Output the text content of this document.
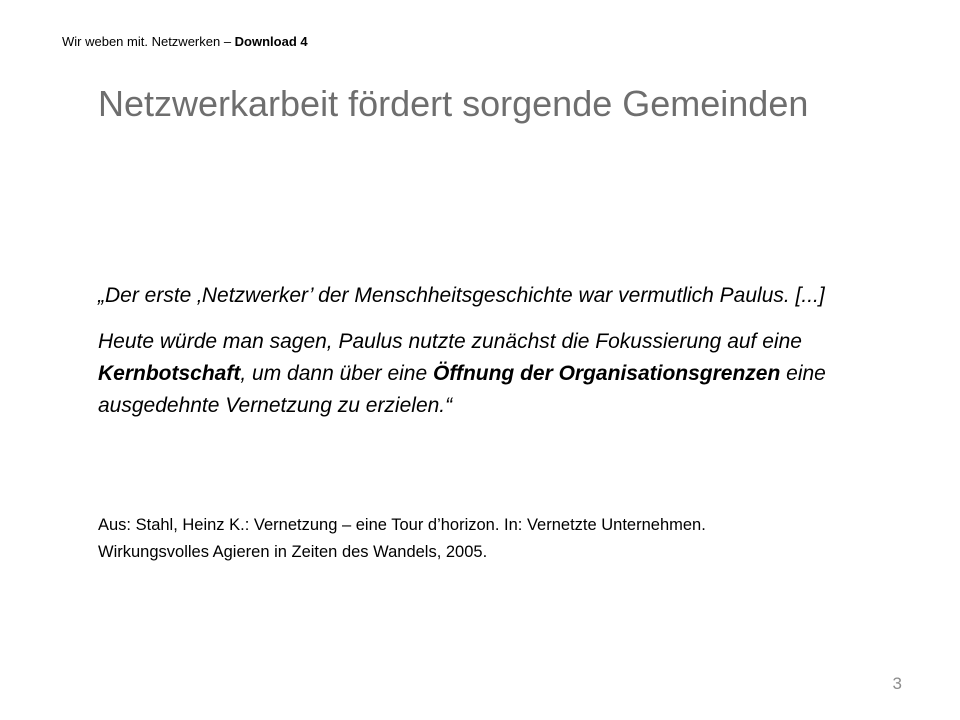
Wir weben mit. Netzwerken – Download 4
Netzwerkarbeit fördert sorgende Gemeinden

„Der erste ‚Netzwerker’ der Menschheitsgeschichte war vermutlich Paulus. [...]

Heute würde man sagen, Paulus nutzte zunächst die Fokussierung auf eine Kernbotschaft, um dann über eine Öffnung der Organisationsgrenzen eine ausgedehnte Vernetzung zu erzielen.“

Aus: Stahl, Heinz K.: Vernetzung – eine Tour d’horizon. In: Vernetzte Unternehmen.

Wirkungsvolles Agieren in Zeiten des Wandels, 2005.

3
